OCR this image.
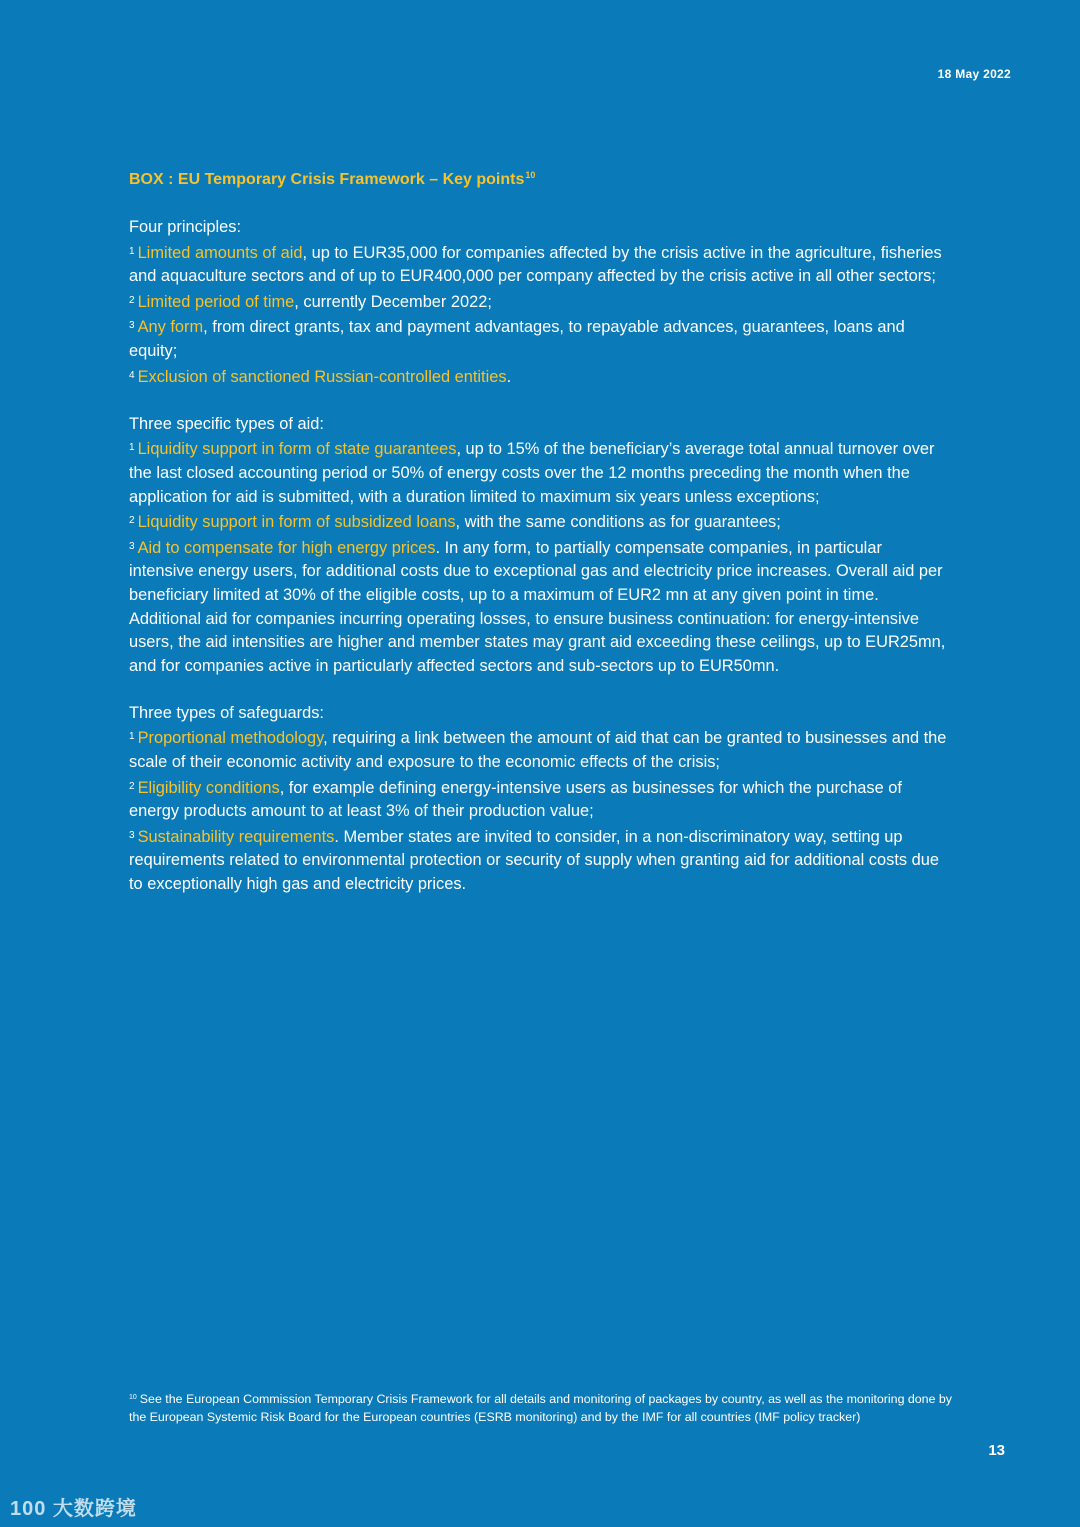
18 May 2022
BOX : EU Temporary Crisis Framework – Key points$^{10}$
Four principles:
$^1$ Limited amounts of aid, up to EUR35,000 for companies affected by the crisis active in the agriculture, fisheries and aquaculture sectors and of up to EUR400,000 per company affected by the crisis active in all other sectors;
$^2$ Limited period of time, currently December 2022;
$^3$ Any form, from direct grants, tax and payment advantages, to repayable advances, guarantees, loans and equity;
$^4$ Exclusion of sanctioned Russian-controlled entities.
Three specific types of aid:
$^1$ Liquidity support in form of state guarantees, up to 15% of the beneficiary’s average total annual turnover over the last closed accounting period or 50% of energy costs over the 12 months preceding the month when the application for aid is submitted, with a duration limited to maximum six years unless exceptions;
$^2$ Liquidity support in form of subsidized loans, with the same conditions as for guarantees;
$^3$ Aid to compensate for high energy prices. In any form, to partially compensate companies, in particular intensive energy users, for additional costs due to exceptional gas and electricity price increases. Overall aid per beneficiary limited at 30% of the eligible costs, up to a maximum of EUR2 mn at any given point in time. Additional aid for companies incurring operating losses, to ensure business continuation: for energy-intensive users, the aid intensities are higher and member states may grant aid exceeding these ceilings, up to EUR25mn, and for companies active in particularly affected sectors and sub-sectors up to EUR50mn.
Three types of safeguards:
$^1$ Proportional methodology, requiring a link between the amount of aid that can be granted to businesses and the scale of their economic activity and exposure to the economic effects of the crisis;
$^2$ Eligibility conditions, for example defining energy-intensive users as businesses for which the purchase of energy products amount to at least 3% of their production value;
$^3$ Sustainability requirements. Member states are invited to consider, in a non-discriminatory way, setting up requirements related to environmental protection or security of supply when granting aid for additional costs due to exceptionally high gas and electricity prices.
$^{10}$ See the European Commission Temporary Crisis Framework for all details and monitoring of packages by country, as well as the monitoring done by the European Systemic Risk Board for the European countries (ESRB monitoring) and by the IMF for all countries (IMF policy tracker)
13
100 大数跨境
